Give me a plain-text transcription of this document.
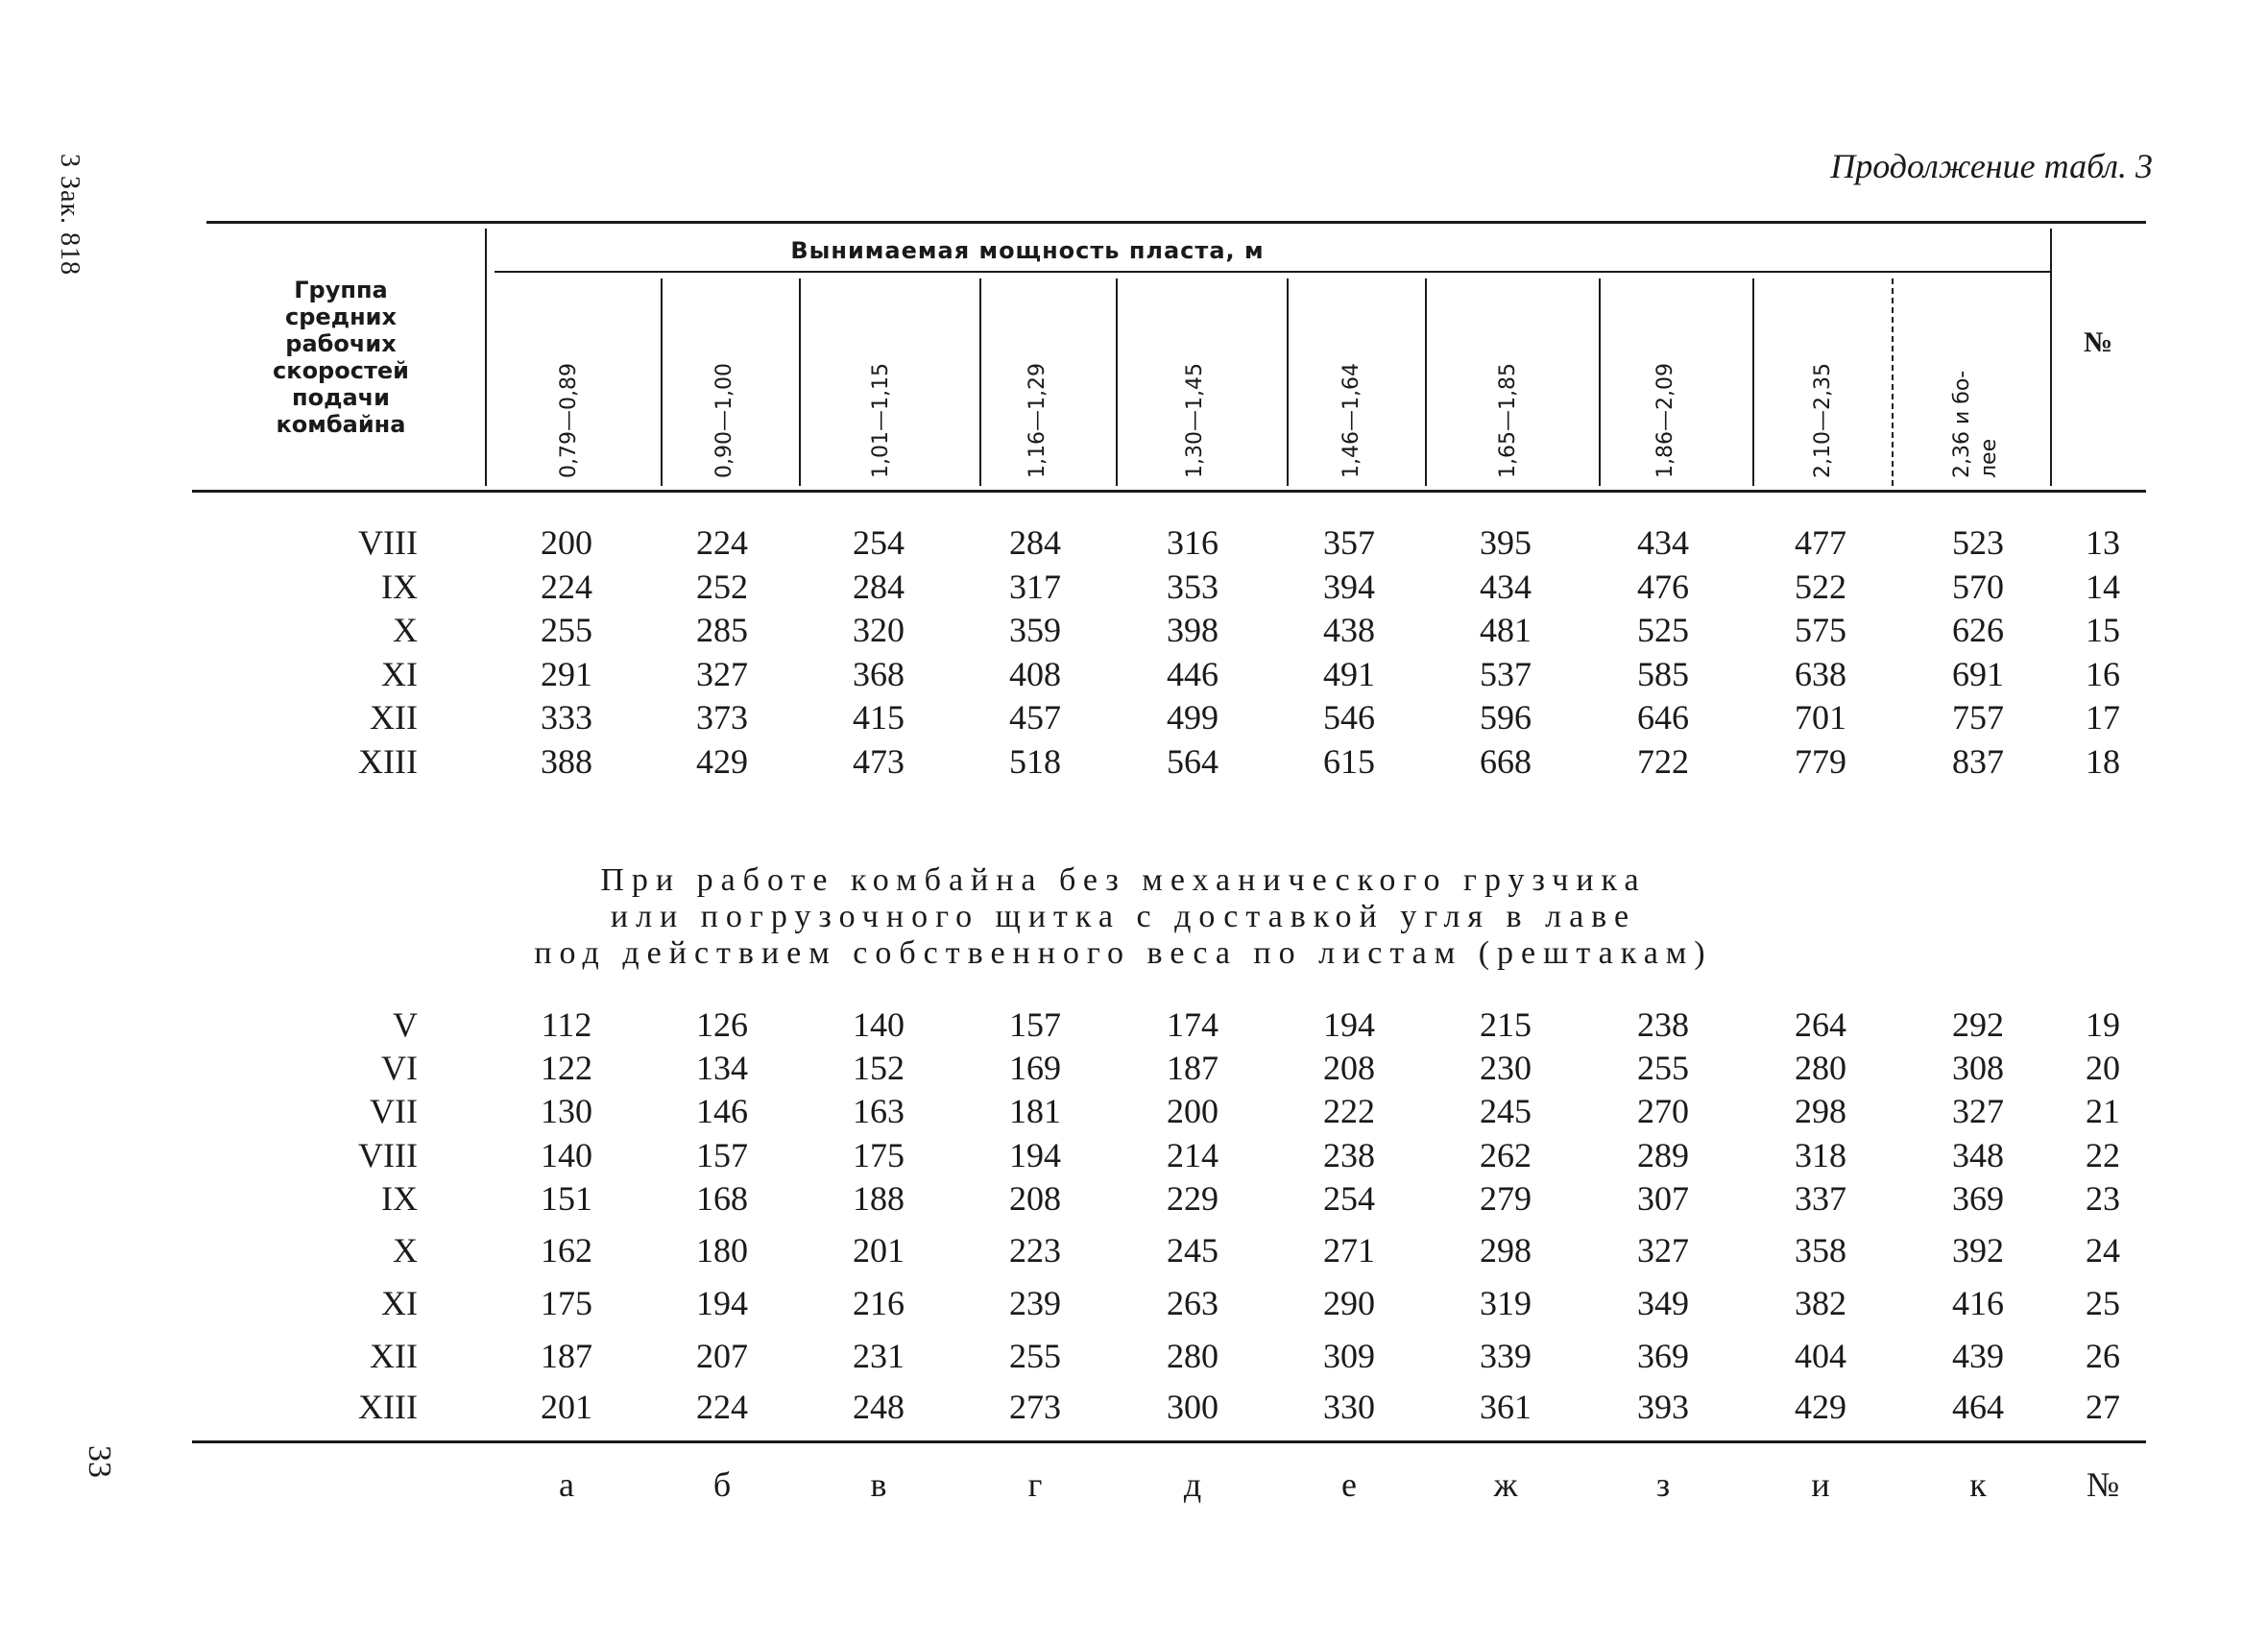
3 Зак. 818	Продолжение табл. 3
Группа средних рабочих скоростей подачи комбайна
Вынимаемая мощность пласта, м
№
0,79—0,89	0,90—1,00	1,01—1,15	1,16—1,29	1,30—1,45	1,46—1,64	1,65—1,85	1,86—2,09	2,10—2,35	2,36 и бо-
лее
VIII	200	224	254	284	316	357	395	434	477	523	13
IX	224	252	284	317	353	394	434	476	522	570	14
X	255	285	320	359	398	438	481	525	575	626	15
XI	291	327	368	408	446	491	537	585	638	691	16
XII	333	373	415	457	499	546	596	646	701	757	17
XIII	388	429	473	518	564	615	668	722	779	837	18
При работе комбайна без механического грузчика
или погрузочного щитка с доставкой угля в лаве
под действием собственного веса по листам (рештакам)
V	112	126	140	157	174	194	215	238	264	292	19
VI	122	134	152	169	187	208	230	255	280	308	20
VII	130	146	163	181	200	222	245	270	298	327	21
VIII	140	157	175	194	214	238	262	289	318	348	22
IX	151	168	188	208	229	254	279	307	337	369	23
X	162	180	201	223	245	271	298	327	358	392	24
XI	175	194	216	239	263	290	319	349	382	416	25
XII	187	207	231	255	280	309	339	369	404	439	26
XIII	201	224	248	273	300	330	361	393	429	464	27
а	б	в	г	д	е	ж	з	и	к	№
33
